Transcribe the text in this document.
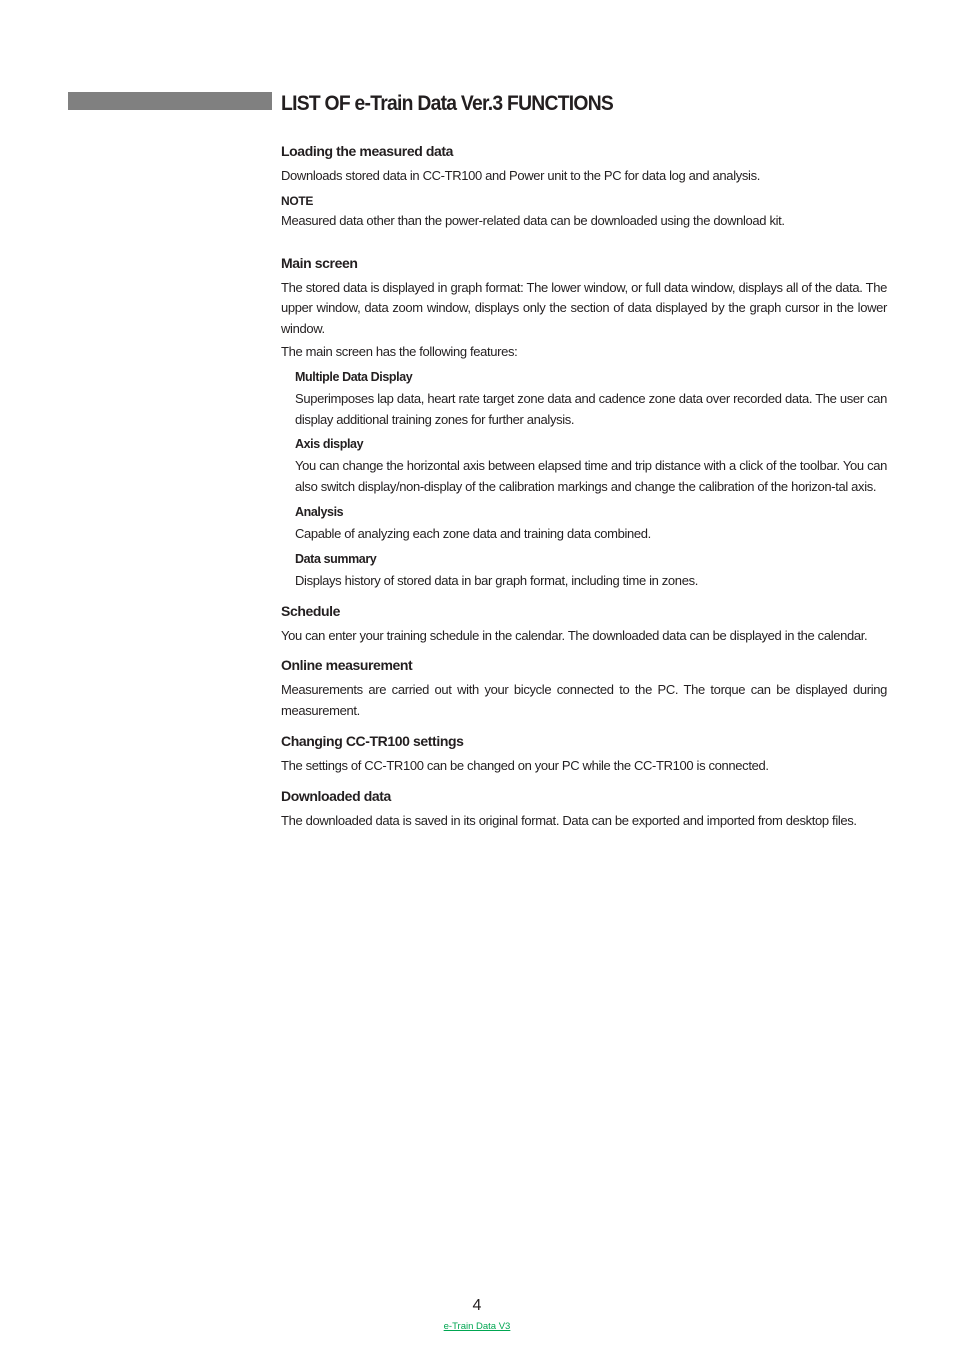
LIST OF e-Train Data Ver.3 FUNCTIONS
Loading the measured data

Downloads stored data in CC-TR100 and Power unit to the PC for data log and analysis.

NOTE

Measured data other than the power-related data can be downloaded using the download kit.

Main screen

The stored data is displayed in graph format: The lower window, or full data window, displays all of the data. The upper window, data zoom window, displays only the section of data displayed by the graph cursor in the lower window.

The main screen has the following features:

Multiple Data Display

Superimposes lap data, heart rate target zone data and cadence zone data over recorded data. The user can display additional training zones for further analysis.

Axis display

You can change the horizontal axis between elapsed time and trip distance with a click of the toolbar. You can also switch display/non-display of the calibration markings and change the calibration of the horizon-tal axis.

Analysis

Capable of analyzing each zone data and training data combined.

Data summary

Displays history of stored data in bar graph format, including time in zones.

Schedule

You can enter your training schedule in the calendar. The downloaded data can be displayed in the calendar.

Online measurement

Measurements are carried out with your bicycle connected to the PC. The torque can be displayed during measurement.

Changing CC-TR100 settings

The settings of CC-TR100 can be changed on your PC while the CC-TR100 is connected.

Downloaded data

The downloaded data is saved in its original format. Data can be exported and imported from desktop files.

4
e-Train Data V3
